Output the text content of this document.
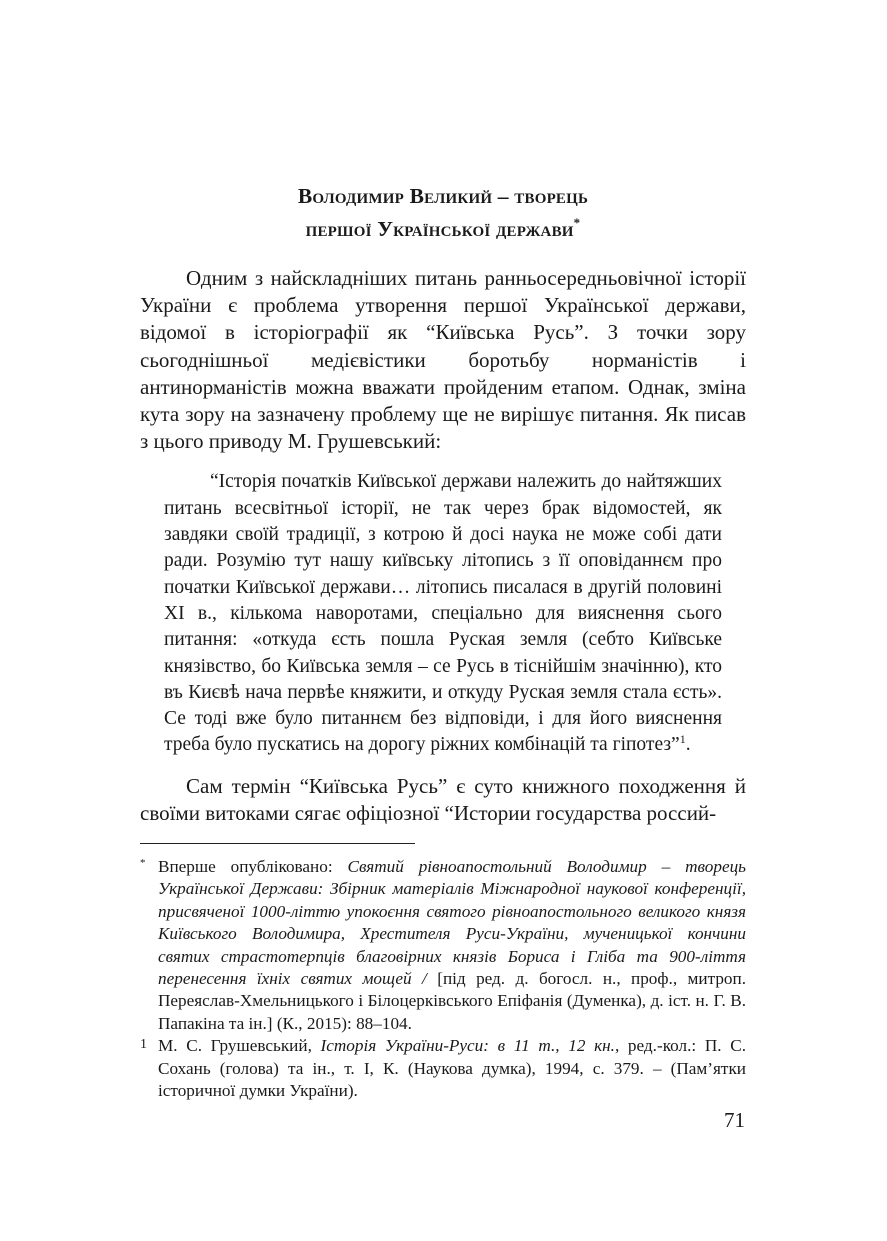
Володимир Великий – творець
першої Української держави*

Одним з найскладніших питань ранньосередньовічної історії України є проблема утворення першої Української держави, відомої в історіографії як “Київська Русь”. З точки зору сьогоднішньої медієвістики боротьбу норманістів і антинорманістів можна вважати пройденим етапом. Однак, зміна кута зору на зазначену проблему ще не вирішує питання. Як писав з цього приводу М. Грушевський:

“Історія початків Київської держави належить до найтяжших питань всесвітньої історії, не так через брак відомостей, як завдяки своїй традиції, з котрою й досі наука не може собі дати ради. Розумію тут нашу київську літопись з її оповіданнєм про початки Київської держави… літопись писалася в другій половині XI в., кількома наворотами, спеціально для вияснення сього питання: «откуда єсть пошла Руская земля (себто Київське князівство, бо Київська земля – се Русь в тіснійшім значінню), кто въ Києвѣ нача первѣе княжити, и откуду Руская земля стала єсть». Се тоді вже було питаннєм без відповіди, і для його вияснення треба було пускатись на дорогу ріжних комбінацій та гіпотез”$^1$.

Сам термін “Київська Русь” є суто книжного походження й своїми витоками сягає офіціозної “Истории государства россий-

* Вперше опубліковано: Святий рівноапостольний Володимир – творець Української Держави: Збірник матеріалів Міжнародної наукової конференції, присвяченої 1000-літтю упокоєння святого рівноапостольного великого князя Київського Володимира, Хрестителя Руси-України, мученицької кончини святих страстотерпців благовірних князів Бориса і Гліба та 900-ліття перенесення їхніх святих мощей / [під ред. д. богосл. н., проф., митроп. Переяслав-Хмельницького і Білоцерківського Епіфанія (Думенка), д. іст. н. Г. В. Папакіна та ін.] (К., 2015): 88–104.

1 М. С. Грушевський, Історія України-Руси: в 11 т., 12 кн., ред.-кол.: П. С. Сохань (голова) та ін., т. І, К. (Наукова думка), 1994, с. 379. – (Пам’ятки історичної думки України).

71
